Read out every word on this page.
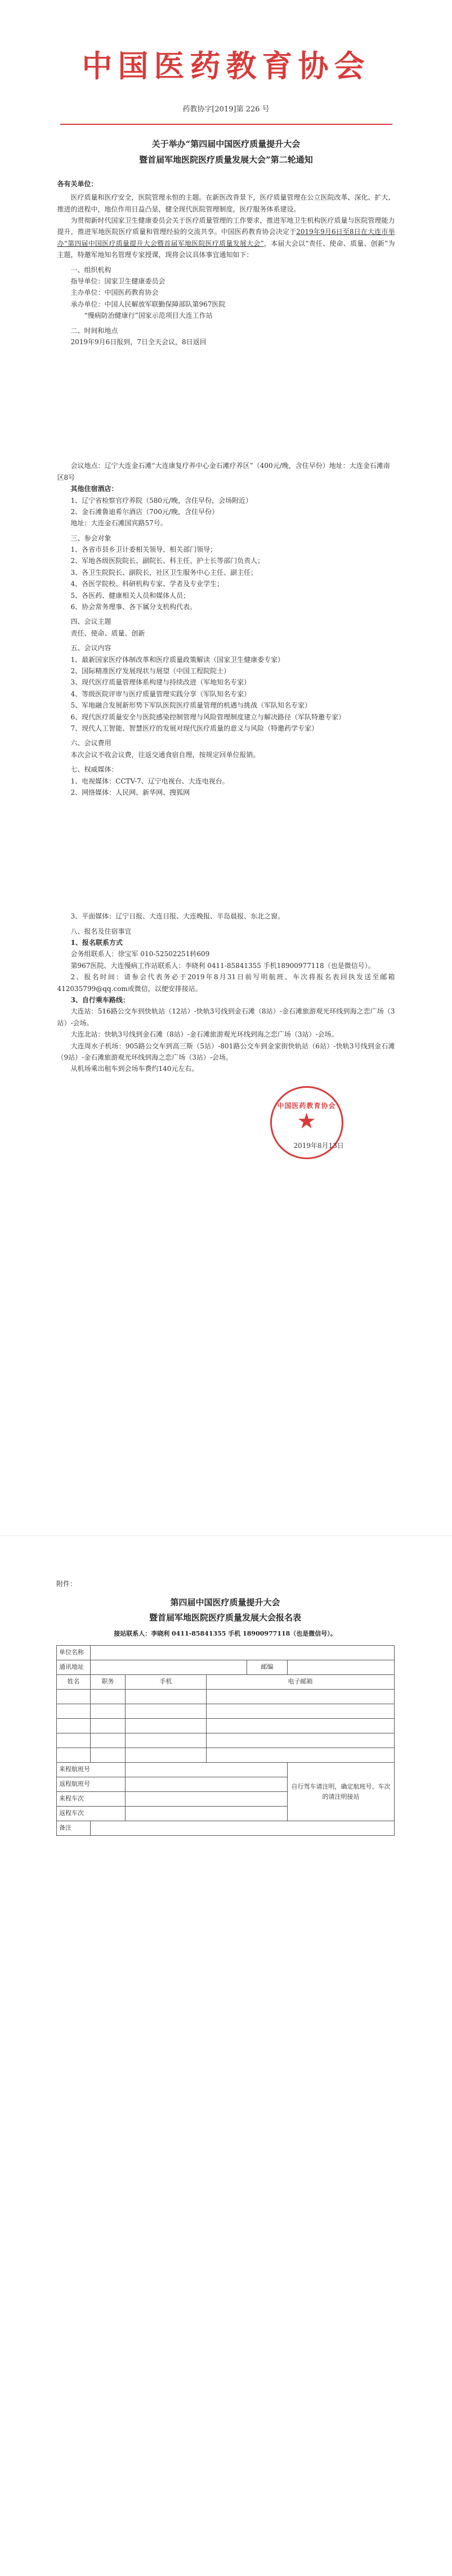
中国医药教育协会
药教协字[2019]第 226 号
关于举办“第四届中国医疗质量提升大会
暨首届军地医院医疗质量发展大会”第二轮通知
各有关单位：

医疗质量和医疗安全，医院管理永恒的主题。在新医改背景下，医疗质量管理在公立医院改革、深化、扩大、推进的进程中，地位作用日益凸显，健全现代医院管理制度，医疗服务体系建设。

为贯彻新时代国家卫生健康委员会关于医疗质量管理的工作要求，推进军地卫生机构医疗质量与医院管理能力提升，推进军地医院医疗质量和管理经验的交流共享。中国医药教育协会决定于2019年9月6日至8日在大连市举办“第四届中国医疗质量提升大会暨首届军地医院医疗质量发展大会”，本届大会以“责任、使命、质量、创新”为主题，特邀军地知名管理专家授课，现将会议具体事宜通知如下：

一、组织机构
指导单位：国家卫生健康委员会
主办单位：中国医药教育协会
承办单位：中国人民解放军联勤保障部队第967医院
“慢病防治健康行”国家示范项目大连工作站
二、时间和地点
2019年9月6日报到，7日全天会议，8日返回
会议地点：辽宁大连金石滩“大连康复疗养中心金石滩疗养区”（400元/晚，含住早份）地址：大连金石滩南区8号
其他住宿酒店：
1、辽宁省检察官疗养院（580元/晚，含住早份，会场附近）
2、金石滩鲁迪希尔酒店（700元/晚，含住早份）
地址：大连金石滩国宾路57号。
三、参会对象
1、各省市县乡卫计委相关领导、相关部门领导；
2、军地各级医院院长、副院长、科主任、护士长等部门负责人；
3、各卫生院院长、副院长，社区卫生服务中心主任、副主任；
4、各医学院校、科研机构专家、学者及专业学生；
5、各医药、健康相关人员和媒体人员；
6、协会常务理事、各下属分支机构代表。
四、会议主题
责任、使命、质量、创新
五、会议内容
1、最新国家医疗体制改革和医疗质量政策解读（国家卫生健康委专家）
2、国际精准医疗发展现状与展望（中国工程院院士）
3、现代医疗质量管理体系构建与持续改进（军地知名专家）
4、等级医院评审与医疗质量管理实践分享（军队知名专家）
5、军地融合发展新形势下军队医院医疗质量管理的机遇与挑战（军队知名专家）
6、现代医疗质量安全与医院感染控制管理与风险管理制度建立与解决路径（军队特邀专家）
7、现代人工智能、智慧医疗的发展对现代医疗质量的意义与风险（特邀药学专家）
六、会议费用
本次会议不收会议费，往返交通食宿自理，按规定回单位报销。
七、权威媒体：
1、电视媒体：CCTV-7、辽宁电视台、大连电视台。
2、网络媒体：人民网、新华网、搜狐网
3、平面媒体：辽宁日报、大连日报、大连晚报、半岛晨报、东北之窗。
八、报名及住宿事宜
1、报名联系方式
会务组联系人：徐宝军 010-52502251转609
第967医院、大连慢病工作站联系人：李晓利 0411-85841355 手机18900977118（也是微信号）。
2、报名时间：请参会代表务必于2019年8月31日前写明航班、车次将报名表回执发送至邮箱412035799@qq.com或微信，以便安排接站。
3、自行乘车路线：
大连站：516路公交车到快轨站（12站）-快轨3号线到金石滩（8站）-金石滩旅游观光环线到海之恋广场（3站）-会场。
大连北站：快轨3号线到金石滩（8站）-金石滩旅游观光环线到海之恋广场（3站）-会场。
大连周水子机场：905路公交车到高三斯（5站）-801路公交车到金家街快轨站（6站）-快轨3号线到金石滩（9站）-金石滩旅游观光环线到海之恋广场（3站）-会场。
从机场乘出租车到会场车费约140元左右。
中国医药教育协会
★
2019年8月13日
附件：
第四届中国医疗质量提升大会
暨首届军地医院医疗质量发展大会报名表
接站联系人：李晓利 0411-85841355 手机 18900977118（也是微信号）。
单位名称					
通讯地址				邮编	
姓名	职务	手机	电子邮箱		

来程航班号					自行驾车请注明，确定航班号、车次的请注明接站
返程航班号					
来程车次					
返程车次					
备注					
